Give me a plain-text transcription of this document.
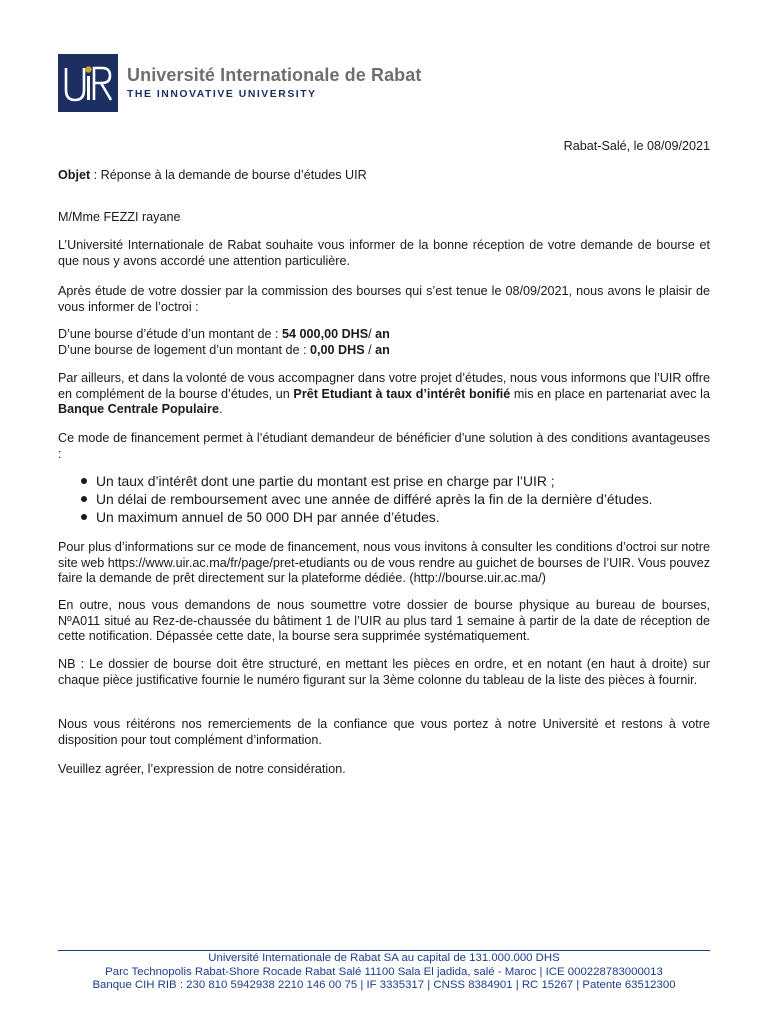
Université Internationale de Rabat
THE INNOVATIVE UNIVERSITY

Rabat-Salé, le 08/09/2021

Objet : Réponse à la demande de bourse d’études UIR

M/Mme FEZZI rayane

L’Université Internationale de Rabat souhaite vous informer de la bonne réception de votre demande de bourse et que nous y avons accordé une attention particulière.

Après étude de votre dossier par la commission des bourses qui s’est tenue le 08/09/2021, nous avons le plaisir de vous informer de l’octroi :

D’une bourse d’étude d’un montant de : 54 000,00 DHS/ an

D’une bourse de logement d’un montant de : 0,00 DHS / an

Par ailleurs, et dans la volonté de vous accompagner dans votre projet d’études, nous vous informons que l’UIR offre en complément de la bourse d’études, un Prêt Etudiant à taux d’intérêt bonifié mis en place en partenariat avec la Banque Centrale Populaire.

Ce mode de financement permet à l’étudiant demandeur de bénéficier d’une solution à des conditions avantageuses :

Un taux d’intérêt dont une partie du montant est prise en charge par l’UIR ;
Un délai de remboursement avec une année de différé après la fin de la dernière d’études.
Un maximum annuel de 50 000 DH par année d’études.

Pour plus d’informations sur ce mode de financement, nous vous invitons à consulter les conditions d’octroi sur notre site web https://www.uir.ac.ma/fr/page/pret-etudiants ou de vous rendre au guichet de bourses de l’UIR. Vous pouvez faire la demande de prêt directement sur la plateforme dédiée. (http://bourse.uir.ac.ma/)

En outre, nous vous demandons de nous soumettre votre dossier de bourse physique au bureau de bourses, NºA011 situé au Rez-de-chaussée du bâtiment 1 de l’UIR au plus tard 1 semaine à partir de la date de réception de cette notification. Dépassée cette date, la bourse sera supprimée systématiquement.

NB : Le dossier de bourse doit être structuré, en mettant les pièces en ordre, et en notant (en haut à droite) sur chaque pièce justificative fournie le numéro figurant sur la 3ème colonne du tableau de la liste des pièces à fournir.

Nous vous réitérons nos remerciements de la confiance que vous portez à notre Université et restons à votre disposition pour tout complément d’information.

Veuillez agréer, l’expression de notre considération.

Université Internationale de Rabat SA au capital de 131.000.000 DHS
Parc Technopolis Rabat-Shore Rocade Rabat Salé 11100 Sala El jadida, salé - Maroc | ICE 000228783000013
Banque CIH RIB : 230 810 5942938 2210 146 00 75 | IF 3335317 | CNSS 8384901 | RC 15267 | Patente 63512300
